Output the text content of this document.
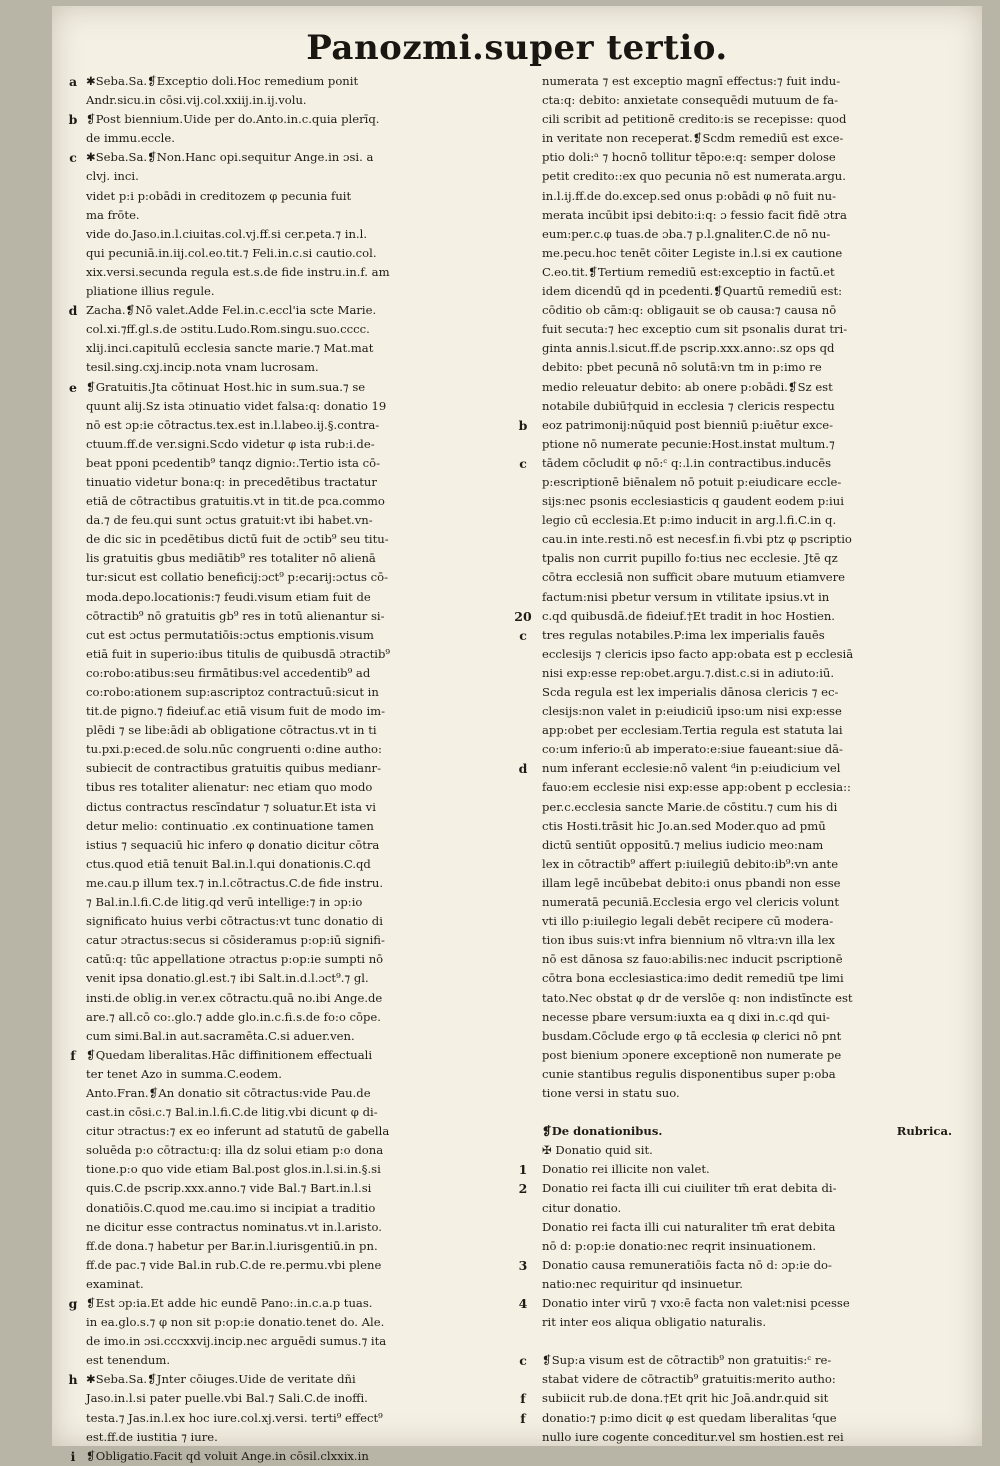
Panozmi.super tertio.
a ✱Seba.Sa.❡Exceptio doli.Hoc remedium ponit
Andr.sicu.in cōsi.vij.col.xxiij.in.ij.volu.
b ❡Post biennium.Uide per do.Anto.in.c.quia plerīq.
de immu.eccle.
c ✱Seba.Sa.❡Non.Hanc opi.sequitur Ange.in ɔsi. a
clvj. inci.
videt p:i p:obādi in creditozem φ pecunia fuit
ma frōte.
vide do.Jaso.in.l.ciuitas.col.vj.ff.si cer.peta.⁊ in.l.
qui pecuniā.in.iij.col.eo.tit.⁊ Feli.in.c.si cautio.col.
xix.versi.secunda regula est.s.de fide instru.in.f. am
pliatione illius regule.
d Zacha.❡Nō valet.Adde Fel.in.c.eccl'ia scte Marie.
col.xi.⁊ff.gl.s.de ɔstitu.Ludo.Rom.singu.suo.cccc.
xlij.inci.capitulū ecclesia sancte marie.⁊ Mat.mat
tesil.sing.cxj.incip.nota vnam lucrosam.
e ❡Gratuitis.Jta cōtinuat Host.hic in sum.sua.⁊ se
quunt alij.Sz ista ɔtinuatio videt falsa:q: donatio 19
nō est ɔp:ie cōtractus.tex.est in.l.labeo.ij.§.contra-
ctuum.ff.de ver.signi.Scdo videtur φ ista rub:i.de-
beat pponi pcedentib⁹ tanqz dignio:.Tertio ista cō-
tinuatio videtur bona:q: in precedētibus tractatur
etiā de cōtractibus gratuitis.vt in tit.de pca.commo
da.⁊ de feu.qui sunt ɔctus gratuit:vt ibi habet.vn-
de dic sic in pcedētibus dictū fuit de ɔctib⁹ seu titu-
lis gratuitis gbus mediātib⁹ res totaliter nō alienā
tur:sicut est collatio beneficij:ɔct⁹ p:ecarij:ɔctus cō-
moda.depo.locationis:⁊ feudi.visum etiam fuit de
cōtractib⁹ nō gratuitis gb⁹ res in totū alienantur si-
cut est ɔctus permutatiōis:ɔctus emptionis.visum
etiā fuit in superio:ibus titulis de quibusdā ɔtractib⁹
co:robo:atibus:seu firmātibus:vel accedentib⁹ ad
co:robo:ationem sup:ascriptoz contractuū:sicut in
tit.de pigno.⁊ fideiuf.ac etiā visum fuit de modo im-
plēdi ⁊ se libe:ādi ab obligatione cōtractus.vt in ti
tu.pxi.p:eced.de solu.nūc congruenti o:dine autho:
subiecit de contractibus gratuitis quibus medianr-
tibus res totaliter alienatur: nec etiam quo modo
dictus contractus rescīndatur ⁊ soluatur.Et ista vi
detur melio: continuatio .ex continuatione tamen
istius ⁊ sequaciū hic infero φ donatio dicitur cōtra
ctus.quod etiā tenuit Bal.in.l.qui donationis.C.qd
me.cau.p illum tex.⁊ in.l.cōtractus.C.de fide instru.
⁊ Bal.in.l.fi.C.de litig.qd verū intellige:⁊ in ɔp:io
significato huius verbi cōtractus:vt tunc donatio di
catur ɔtractus:secus si cōsideramus p:op:iū signifi-
catū:q: tūc appellatione ɔtractus p:op:ie sumpti nō
venit ipsa donatio.gl.est.⁊ ibi Salt.in.d.l.ɔct⁹.⁊ gl.
insti.de oblig.in ver.ex cōtractu.quā no.ibi Ange.de
are.⁊ all.cō co:.glo.⁊ adde glo.in.c.fi.s.de fo:o cōpe.
cum simi.Bal.in aut.sacramēta.C.si aduer.ven.
f ❡Quedam liberalitas.Hāc diffinitionem effectuali
ter tenet Azo in summa.C.eodem.
Anto.Fran.❡An donatio sit cōtractus:vide Pau.de
cast.in cōsi.c.⁊ Bal.in.l.fi.C.de litig.vbi dicunt φ di-
citur ɔtractus:⁊ ex eo inferunt ad statutū de gabella
soluēda p:o cōtractu:q: illa dz solui etiam p:o dona
tione.p:o quo vide etiam Bal.post glos.in.l.si.in.§.si
quis.C.de pscrip.xxx.anno.⁊ vide Bal.⁊ Bart.in.l.si
donatiōis.C.quod me.cau.imo si incipiat a traditio
ne dicitur esse contractus nominatus.vt in.l.aristo.
ff.de dona.⁊ habetur per Bar.in.l.iurisgentiū.in pn.
ff.de pac.⁊ vide Bal.in rub.C.de re.permu.vbi plene
examinat.
g ❡Est ɔp:ia.Et adde hic eundē Pano:.in.c.a.p tuas.
in ea.glo.s.⁊ φ non sit p:op:ie donatio.tenet do. Ale.
de imo.in ɔsi.cccxxvij.incip.nec arguēdi sumus.⁊ ita
est tenendum.
h ✱Seba.Sa.❡Jnter cōiuges.Uide de veritate dñi
Jaso.in.l.si pater puelle.vbi Bal.⁊ Sali.C.de inoffi.
testa.⁊ Jas.in.l.ex hoc iure.col.xj.versi. terti⁹ effect⁹
est.ff.de iustitia ⁊ iure.
i ❡Obligatio.Facit qd voluit Ange.in cōsil.clxxix.in
numerata ⁊ est exceptio magnī effectus:⁊ fuit indu-
cta:q: debito: anxietate consequēdi mutuum de fa-
cili scribit ad petitionē credito:is se recepisse: quod
in veritate non receperat.❡Scdm remediū est exce-
ptio doli:ᵃ ⁊ hocnō tollitur tēpo:e:q: semper dolose
petit credito::ex quo pecunia nō est numerata.argu.
in.l.ij.ff.de do.excep.sed onus p:obādi φ nō fuit nu-
merata incūbit ipsi debito:i:q: ɔ fessio facit fidē ɔtra
eum:per.c.φ tuas.de ɔba.⁊ p.l.gnaliter.C.de nō nu-
me.pecu.hoc tenēt cōiter Legiste in.l.si ex cautione
C.eo.tit.❡Tertium remediū est:exceptio in factū.et
idem dicendū qd in pcedenti.❡Quartū remediū est:
cōditio ob cām:q: obligauit se ob causa:⁊ causa nō
fuit secuta:⁊ hec exceptio cum sit psonalis durat tri-
ginta annis.l.sicut.ff.de pscrip.xxx.anno:.sz ops qd
debito: pbet pecunā nō solutā:vn tm in p:imo re
medio releuatur debito: ab onere p:obādi.❡Sz est
notabile dubiū†quid in ecclesia ⁊ clericis respectu
b	eoz patrimonij:nūquid post bienniū p:iuētur exce-
ptione nō numerate pecunie:Host.instat multum.⁊
c	tādem cōcludit φ nō:ᶜ q:.l.in contractibus.inducēs
p:escriptionē biēnalem nō potuit p:eiudicare eccle-
sijs:nec psonis ecclesiasticis q gaudent eodem p:iui
legio cū ecclesia.Et p:imo inducit in arg.l.fi.C.in q.
cau.in inte.resti.nō est necesf.in fi.vbi ptz φ pscriptio
tpalis non currit pupillo fo:tius nec ecclesie. Jtē qz
cōtra ecclesiā non sufficit ɔbare mutuum etiamvere
factum:nisi pbetur versum in vtilitate ipsius.vt in
20 c.qd quibusdā.de fideiuf.†Et tradit in hoc Hostien.
c	tres regulas notabiles.P:ima lex imperialis fauēs
ecclesijs ⁊ clericis ipso facto app:obata est p ecclesiā
nisi exp:esse rep:obet.argu.⁊.dist.c.si in adiuto:iū.
Scda regula est lex imperialis dānosa clericis ⁊ ec-
clesijs:non valet in p:eiudiciū ipso:um nisi exp:esse
app:obet per ecclesiam.Tertia regula est statuta lai
co:um inferio:ū ab imperato:e:siue faueant:siue dā-
d	num inferant ecclesie:nō valent ᵈin p:eiudicium vel
fauo:em ecclesie nisi exp:esse app:obent p ecclesia::
per.c.ecclesia sancte Marie.de cōstitu.⁊ cum his di
ctis Hosti.trāsit hic Jo.an.sed Moder.quo ad pmū
dictū sentiūt oppositū.⁊ melius iudicio meo:nam
lex in cōtractib⁹ affert p:iuilegiū debito:ib⁹:vn ante
illam legē incūbebat debito:i onus pbandi non esse
numeratā pecuniā.Ecclesia ergo vel clericis volunt
vti illo p:iuilegio legali debēt recipere cū modera-
tion ibus suis:vt infra biennium nō vltra:vn illa lex
nō est dānosa sz fauo:abilis:nec inducit pscriptionē
cōtra bona ecclesiastica:imo dedit remediū tpe limi
tato.Nec obstat φ dr de verslōe q: non indistīncte est
necesse pbare versum:iuxta ea q dixi in.c.qd qui-
busdam.Cōclude ergo φ tā ecclesia φ clerici nō pnt
post bienium ɔponere exceptionē non numerate pe
cunie stantibus regulis disponentibus super p:oba
tione versi in statu suo.
❡De donationibus.	Rubrica.
✠ Donatio quid sit.
1	Donatio rei illicite non valet.
2	Donatio rei facta illi cui ciuiliter tm̄ erat debita di-
citur donatio.
Donatio rei facta illi cui naturaliter tm̄ erat debita
nō d: p:op:ie donatio:nec reqrit insinuationem.
3	Donatio causa remuneratiōis facta nō d: ɔp:ie do-
natio:nec requiritur qd insinuetur.
4	Donatio inter virū ⁊ vxo:ē facta non valet:nisi pcesse
rit inter eos aliqua obligatio naturalis.
c	❡Sup:a visum est de cōtractib⁹ non gratuitis:ᶜ re-
stabat videre de cōtractib⁹ gratuitis:merito autho:
f	subiicit rub.de dona.†Et qrit hic Joā.andr.quid sit
f	donatio:⁊ p:imo dicit φ est quedam liberalitas ᶠque
nullo iure cogente conceditur.vel sm hostien.est rei
